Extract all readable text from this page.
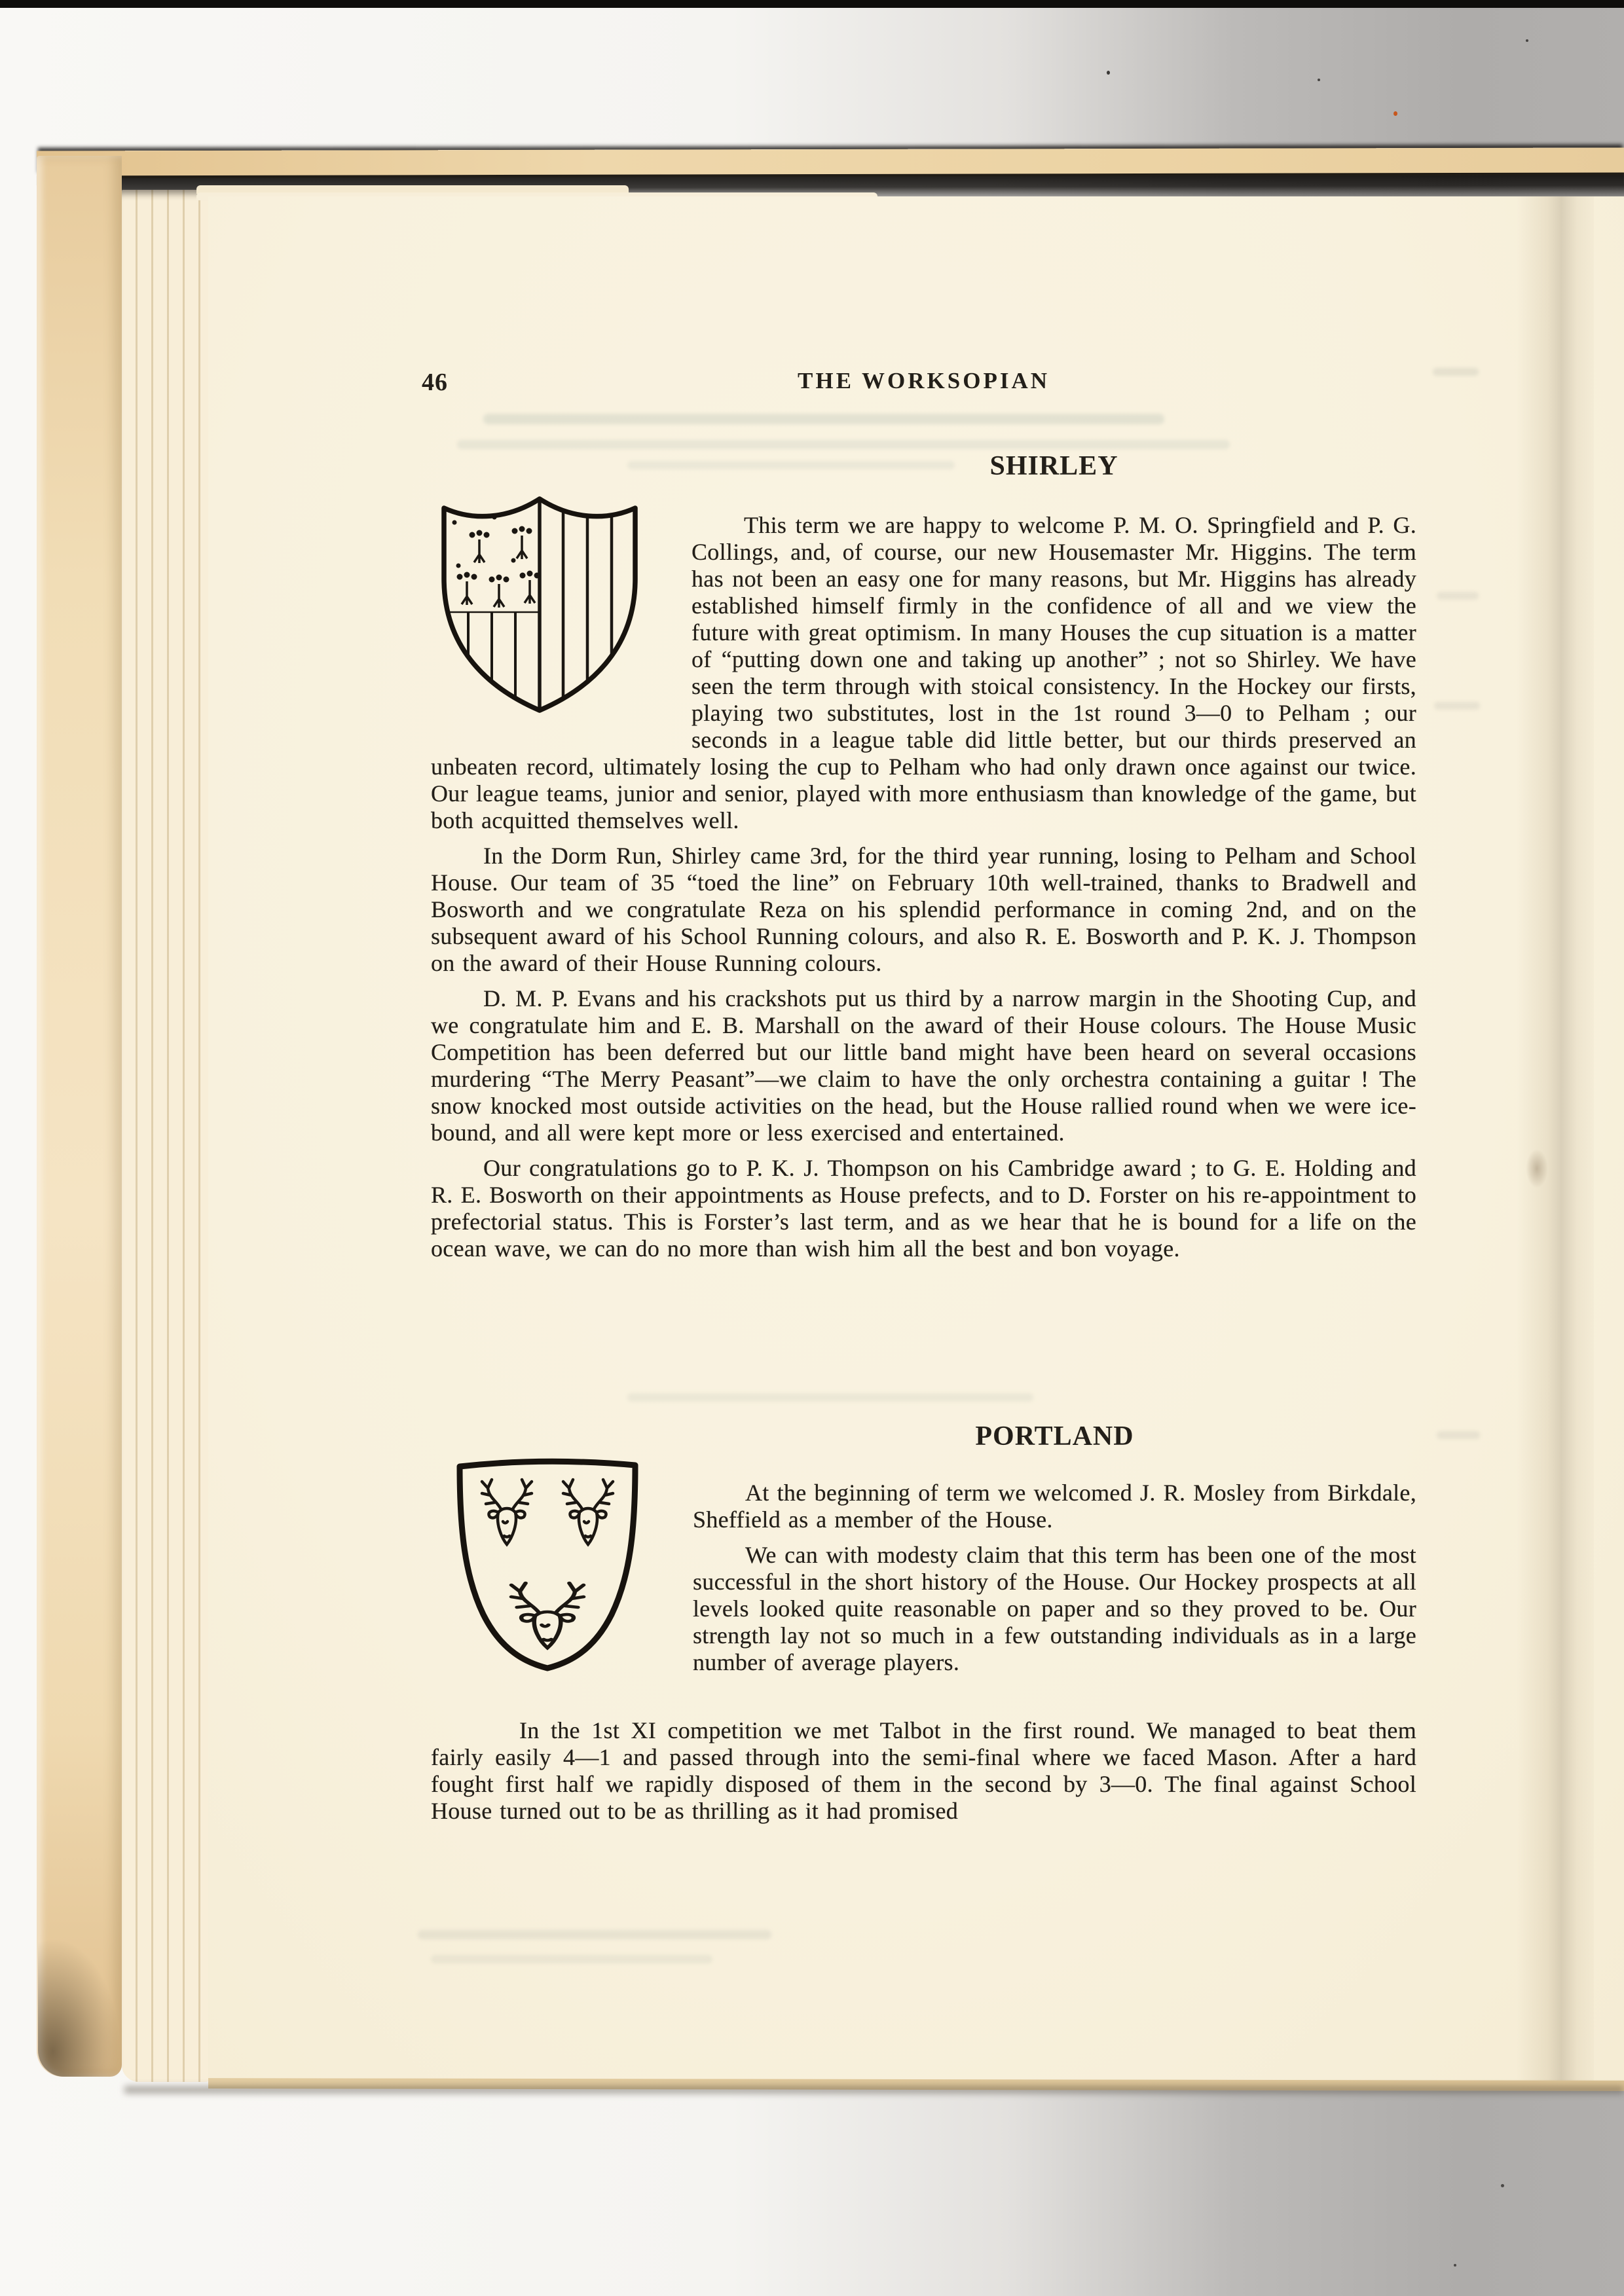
46	THE WORKSOPIAN
SHIRLEY

This term we are happy to welcome P. M. O. Springfield and P. G. Collings, and, of course, our new Housemaster Mr. Higgins. The term has not been an easy one for many reasons, but Mr. Higgins has already established himself firmly in the confidence of all and we view the future with great optimism. In many Houses the cup situation is a matter of “putting down one and taking up another” ; not so Shirley. We have seen the term through with stoical consistency. In the Hockey our firsts, playing two substitutes, lost in the 1st round 3—0 to Pelham ; our seconds in a league table did little better, but our thirds preserved an unbeaten record, ultimately losing the cup to Pelham who had only drawn once against our twice. Our league teams, junior and senior, played with more enthusiasm than knowledge of the game, but both acquitted themselves well.

In the Dorm Run, Shirley came 3rd, for the third year running, losing to Pelham and School House. Our team of 35 “toed the line” on February 10th well-trained, thanks to Bradwell and Bosworth and we congratulate Reza on his splendid performance in coming 2nd, and on the subsequent award of his School Running colours, and also R. E. Bosworth and P. K. J. Thompson on the award of their House Running colours.

D. M. P. Evans and his crackshots put us third by a narrow margin in the Shooting Cup, and we congratulate him and E. B. Marshall on the award of their House colours. The House Music Competition has been deferred but our little band might have been heard on several occasions murdering “The Merry Peasant”—we claim to have the only orchestra containing a guitar ! The snow knocked most outside activities on the head, but the House rallied round when we were ice-bound, and all were kept more or less exercised and entertained.

Our congratulations go to P. K. J. Thompson on his Cambridge award ; to G. E. Holding and R. E. Bosworth on their appointments as House prefects, and to D. Forster on his re-appointment to prefectorial status. This is Forster’s last term, and as we hear that he is bound for a life on the ocean wave, we can do no more than wish him all the best and bon voyage.

PORTLAND

At the beginning of term we welcomed J. R. Mosley from Birkdale, Sheffield as a member of the House.

We can with modesty claim that this term has been one of the most successful in the short history of the House. Our Hockey prospects at all levels looked quite reasonable on paper and so they proved to be. Our strength lay not so much in a few outstanding individuals as in a large number of average players.

In the 1st XI competition we met Talbot in the first round. We managed to beat them fairly easily 4—1 and passed through into the semi-final where we faced Mason. After a hard fought first half we rapidly disposed of them in the second by 3—0. The final against School House turned out to be as thrilling as it had promised
